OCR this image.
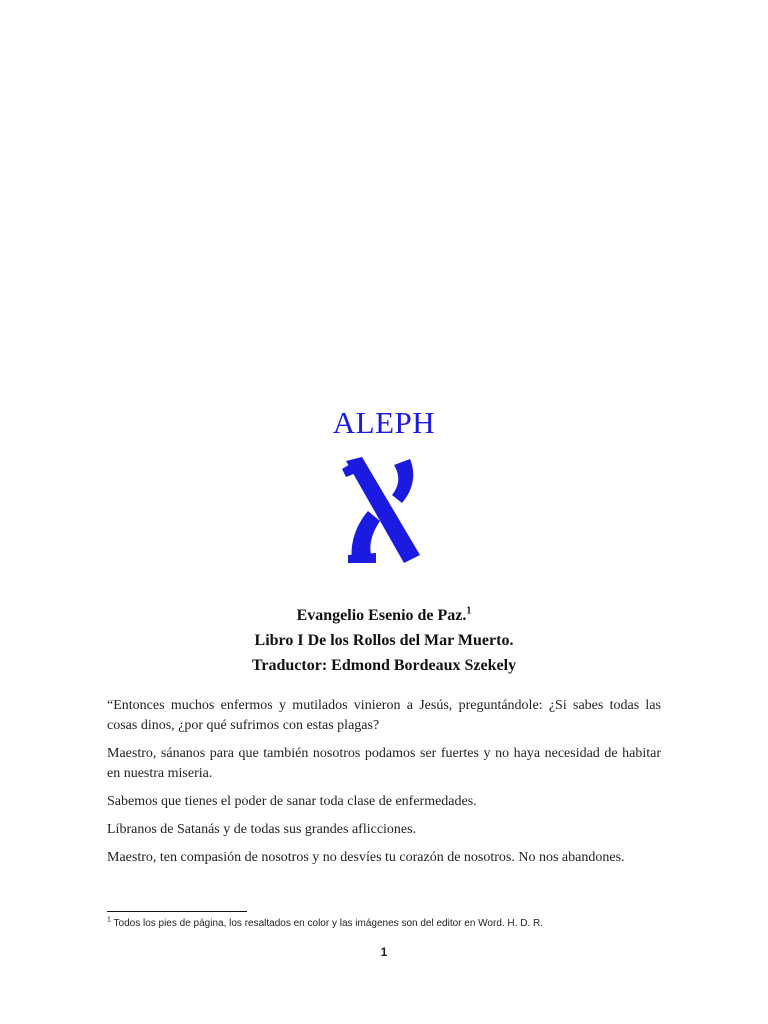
ALEPH
Evangelio Esenio de Paz.$^1$
Libro I De los Rollos del Mar Muerto.
Traductor: Edmond Bordeaux Szekely

“Entonces muchos enfermos y mutilados vinieron a Jesús, preguntándole: ¿Si sabes todas las cosas dinos, ¿por qué sufrimos con estas plagas?

Maestro, sánanos para que también nosotros podamos ser fuertes y no haya necesidad de habitar en nuestra miseria.

Sabemos que tienes el poder de sanar toda clase de enfermedades.

Líbranos de Satanás y de todas sus grandes aflicciones.

Maestro, ten compasión de nosotros y no desvíes tu corazón de nosotros. No nos abandones.

$^1$ Todos los pies de página, los resaltados en color y las imágenes son del editor en Word. H. D. R.
1
